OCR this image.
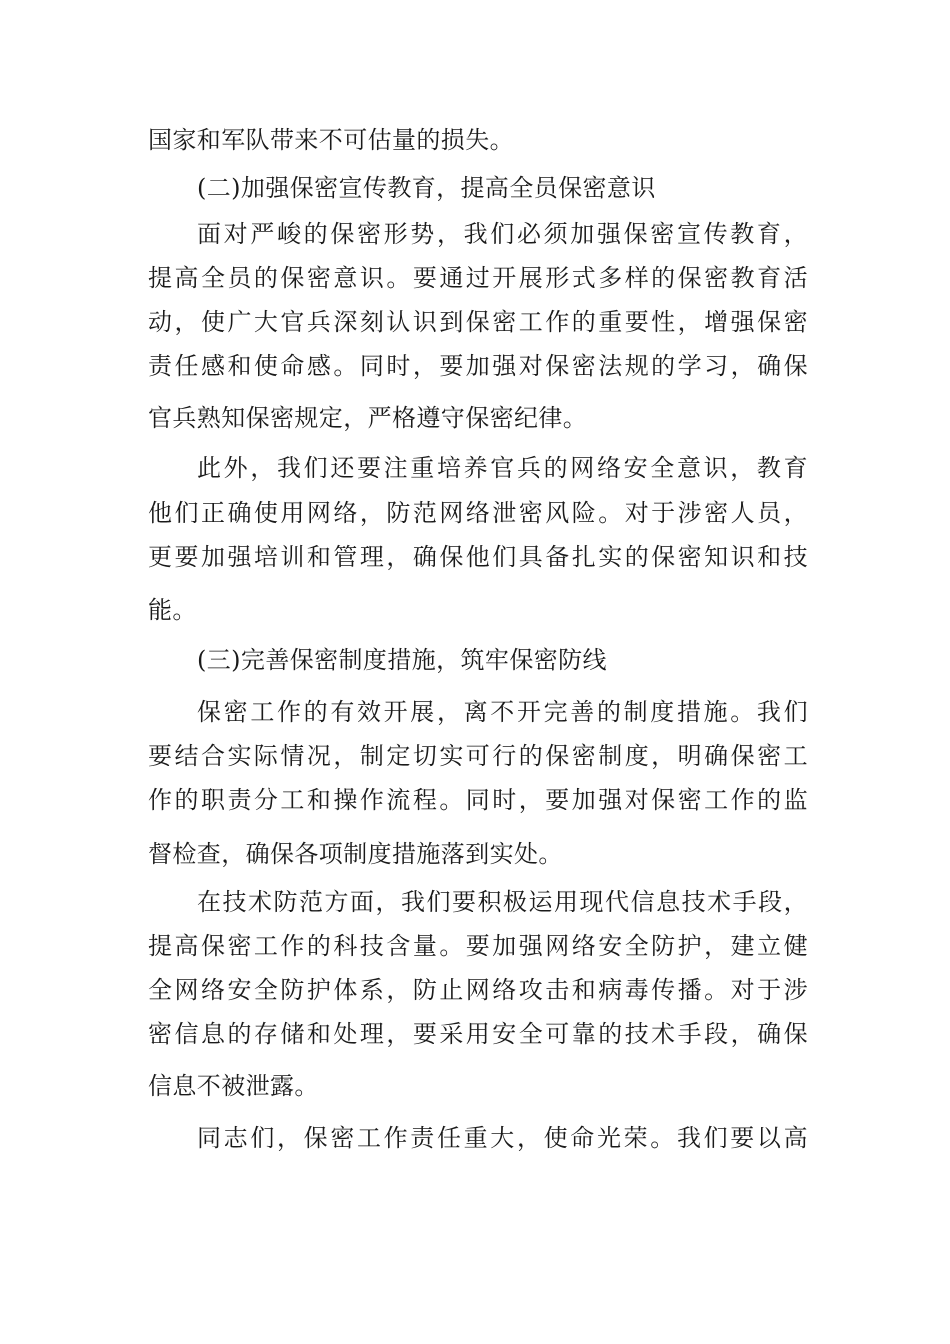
国家和军队带来不可估量的损失。
(二)加强保密宣传教育，提高全员保密意识
面对严峻的保密形势，我们必须加强保密宣传教育，
提高全员的保密意识。要通过开展形式多样的保密教育活
动，使广大官兵深刻认识到保密工作的重要性，增强保密
责任感和使命感。同时，要加强对保密法规的学习，确保
官兵熟知保密规定，严格遵守保密纪律。
此外，我们还要注重培养官兵的网络安全意识，教育
他们正确使用网络，防范网络泄密风险。对于涉密人员，
更要加强培训和管理，确保他们具备扎实的保密知识和技
能。
(三)完善保密制度措施，筑牢保密防线
保密工作的有效开展，离不开完善的制度措施。我们
要结合实际情况，制定切实可行的保密制度，明确保密工
作的职责分工和操作流程。同时，要加强对保密工作的监
督检查，确保各项制度措施落到实处。
在技术防范方面，我们要积极运用现代信息技术手段，
提高保密工作的科技含量。要加强网络安全防护，建立健
全网络安全防护体系，防止网络攻击和病毒传播。对于涉
密信息的存储和处理，要采用安全可靠的技术手段，确保
信息不被泄露。
同志们，保密工作责任重大，使命光荣。我们要以高
